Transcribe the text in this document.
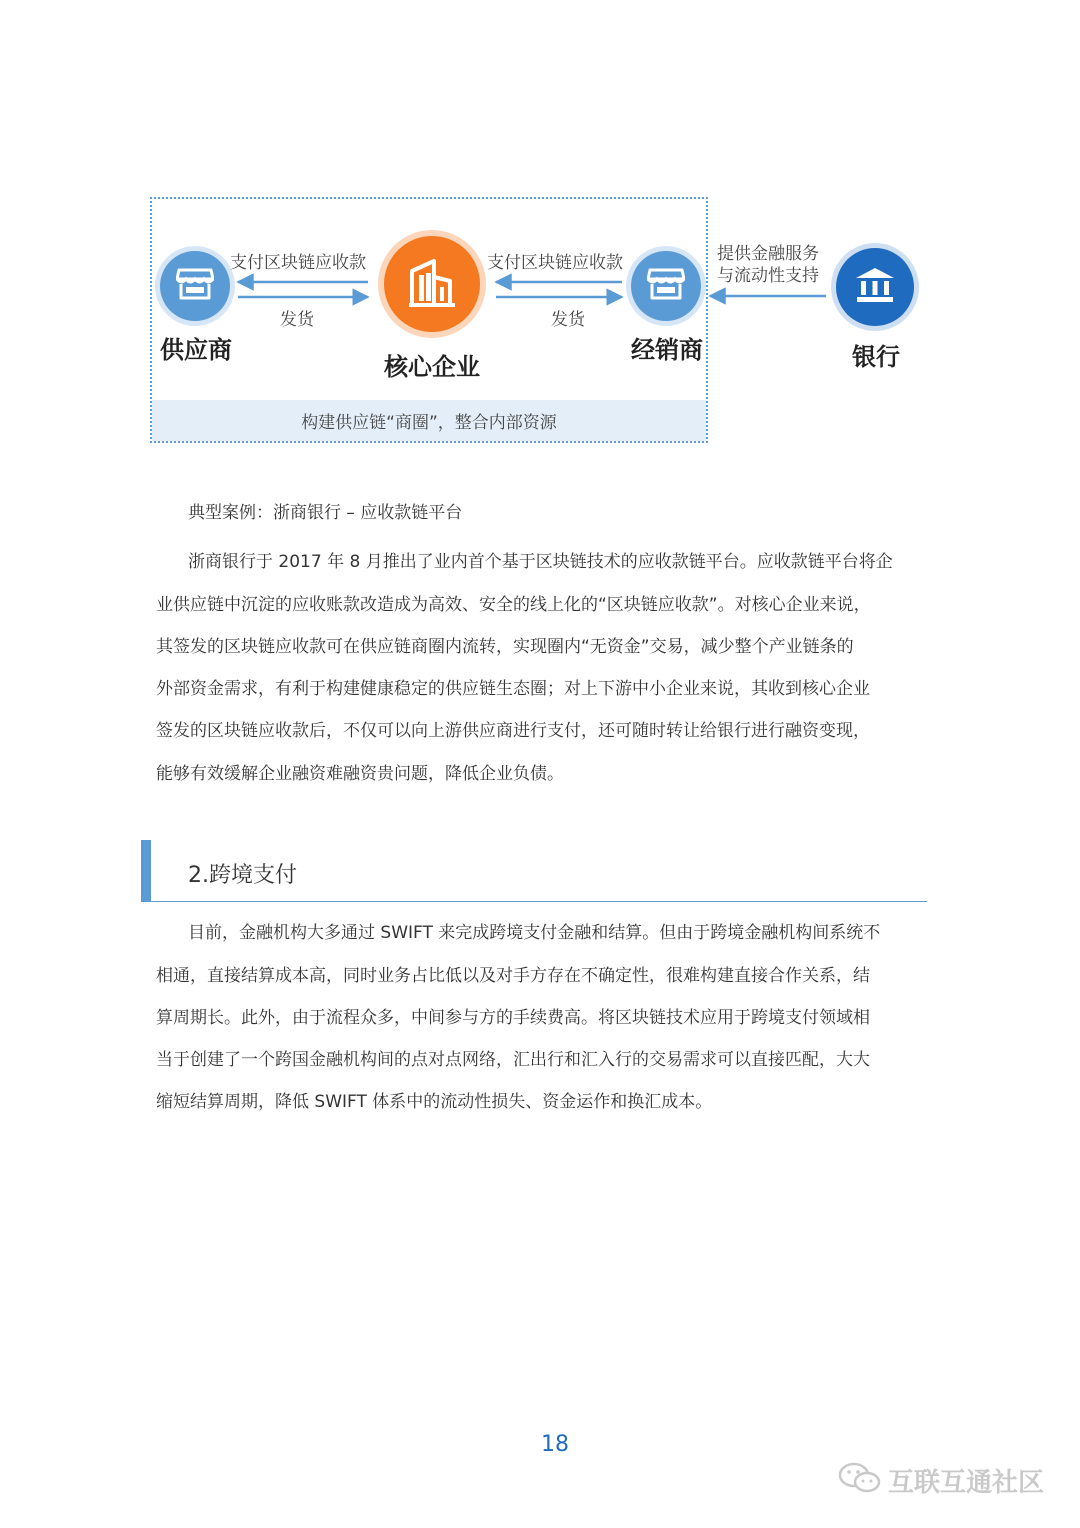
构建供应链“商圈”，整合内部资源
供应商
核心企业
经销商	银行
支付区块链应收款
发货
支付区块链应收款
发货
提供金融服务
与流动性支持
典型案例：浙商银行 – 应收款链平台
浙商银行于 2017 年 8 月推出了业内首个基于区块链技术的应收款链平台。应收款链平台将企
业供应链中沉淀的应收账款改造成为高效、安全的线上化的“区块链应收款”。对核心企业来说，
其签发的区块链应收款可在供应链商圈内流转，实现圈内“无资金”交易，减少整个产业链条的
外部资金需求，有利于构建健康稳定的供应链生态圈；对上下游中小企业来说，其收到核心企业
签发的区块链应收款后，不仅可以向上游供应商进行支付，还可随时转让给银行进行融资变现，
能够有效缓解企业融资难融资贵问题，降低企业负债。
2.跨境支付
目前，金融机构大多通过 SWIFT 来完成跨境支付金融和结算。但由于跨境金融机构间系统不
相通，直接结算成本高，同时业务占比低以及对手方存在不确定性，很难构建直接合作关系，结
算周期长。此外，由于流程众多，中间参与方的手续费高。将区块链技术应用于跨境支付领域相
当于创建了一个跨国金融机构间的点对点网络，汇出行和汇入行的交易需求可以直接匹配，大大
缩短结算周期，降低 SWIFT 体系中的流动性损失、资金运作和换汇成本。
18
互联互通社区
